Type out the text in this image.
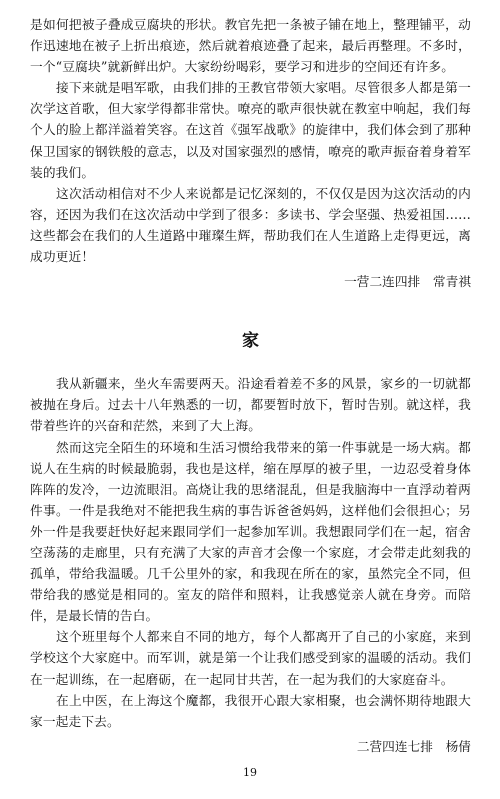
是如何把被子叠成豆腐块的形状。教官先把一条被子铺在地上，整理铺平，动作迅速地在被子上折出痕迹，然后就着痕迹叠了起来，最后再整理。不多时，一个“豆腐块”就新鲜出炉。大家纷纷喝彩，要学习和进步的空间还有许多。

接下来就是唱军歌，由我们排的王教官带领大家唱。尽管很多人都是第一次学这首歌，但大家学得都非常快。嘹亮的歌声很快就在教室中响起，我们每个人的脸上都洋溢着笑容。在这首《强军战歌》的旋律中，我们体会到了那种保卫国家的钢铁般的意志，以及对国家强烈的感情，嘹亮的歌声振奋着身着军装的我们。

这次活动相信对不少人来说都是记忆深刻的，不仅仅是因为这次活动的内容，还因为我们在这次活动中学到了很多：多读书、学会坚强、热爱祖国……这些都会在我们的人生道路中璀璨生辉，帮助我们在人生道路上走得更远，离成功更近！

一营二连四排　常青祺
家

我从新疆来，坐火车需要两天。沿途看着差不多的风景，家乡的一切就都被抛在身后。过去十八年熟悉的一切，都要暂时放下，暂时告别。就这样，我带着些许的兴奋和茫然，来到了大上海。

然而这完全陌生的环境和生活习惯给我带来的第一件事就是一场大病。都说人在生病的时候最脆弱，我也是这样，缩在厚厚的被子里，一边忍受着身体阵阵的发冷，一边流眼泪。高烧让我的思绪混乱，但是我脑海中一直浮动着两件事。一件是我绝对不能把我生病的事告诉爸爸妈妈，这样他们会很担心；另外一件是我要赶快好起来跟同学们一起参加军训。我想跟同学们在一起，宿舍空荡荡的走廊里，只有充满了大家的声音才会像一个家庭，才会带走此刻我的孤单，带给我温暖。几千公里外的家，和我现在所在的家，虽然完全不同，但带给我的感觉是相同的。室友的陪伴和照料，让我感觉亲人就在身旁。而陪伴，是最长情的告白。

这个班里每个人都来自不同的地方，每个人都离开了自己的小家庭，来到学校这个大家庭中。而军训，就是第一个让我们感受到家的温暖的活动。我们在一起训练，在一起磨砺，在一起同甘共苦，在一起为我们的大家庭奋斗。

在上中医，在上海这个魔都，我很开心跟大家相聚，也会满怀期待地跟大家一起走下去。

二营四连七排　杨倩
19
